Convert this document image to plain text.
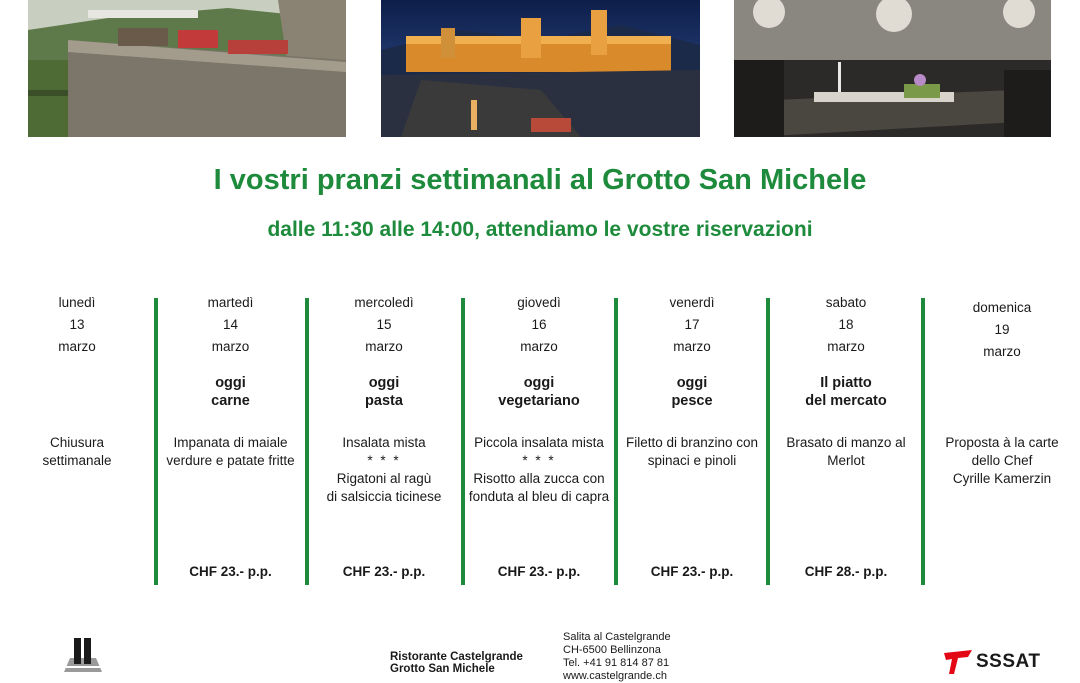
I vostri pranzi settimanali al Grotto San Michele
dalle 11:30 alle 14:00, attendiamo le vostre riservazioni
lunedì
13
marzo
Chiusura
settimanale
martedì
14
marzo
oggi
carne
Impanata di maiale
verdure e patate fritte
CHF 23.- p.p.
mercoledì
15
marzo
oggi
pasta
Insalata mista
* * *
Rigatoni al ragù
di salsiccia ticinese
CHF 23.- p.p.
giovedì
16
marzo
oggi
vegetariano
Piccola insalata mista
* * *
Risotto alla zucca con
fonduta al bleu di capra
CHF 23.- p.p.
venerdì
17
marzo
oggi
pesce
Filetto di branzino con
spinaci e pinoli
CHF 23.- p.p.
sabato
18
marzo
Il piatto
del mercato
Brasato di manzo al
Merlot
CHF 28.- p.p.
domenica
19
marzo
Proposta à la carte
dello Chef
Cyrille Kamerzin
Ristorante Castelgrande
Grotto San Michele
Salita al Castelgrande
CH-6500 Bellinzona
Tel. +41 91 814 87 81
www.castelgrande.ch
SSSAT
